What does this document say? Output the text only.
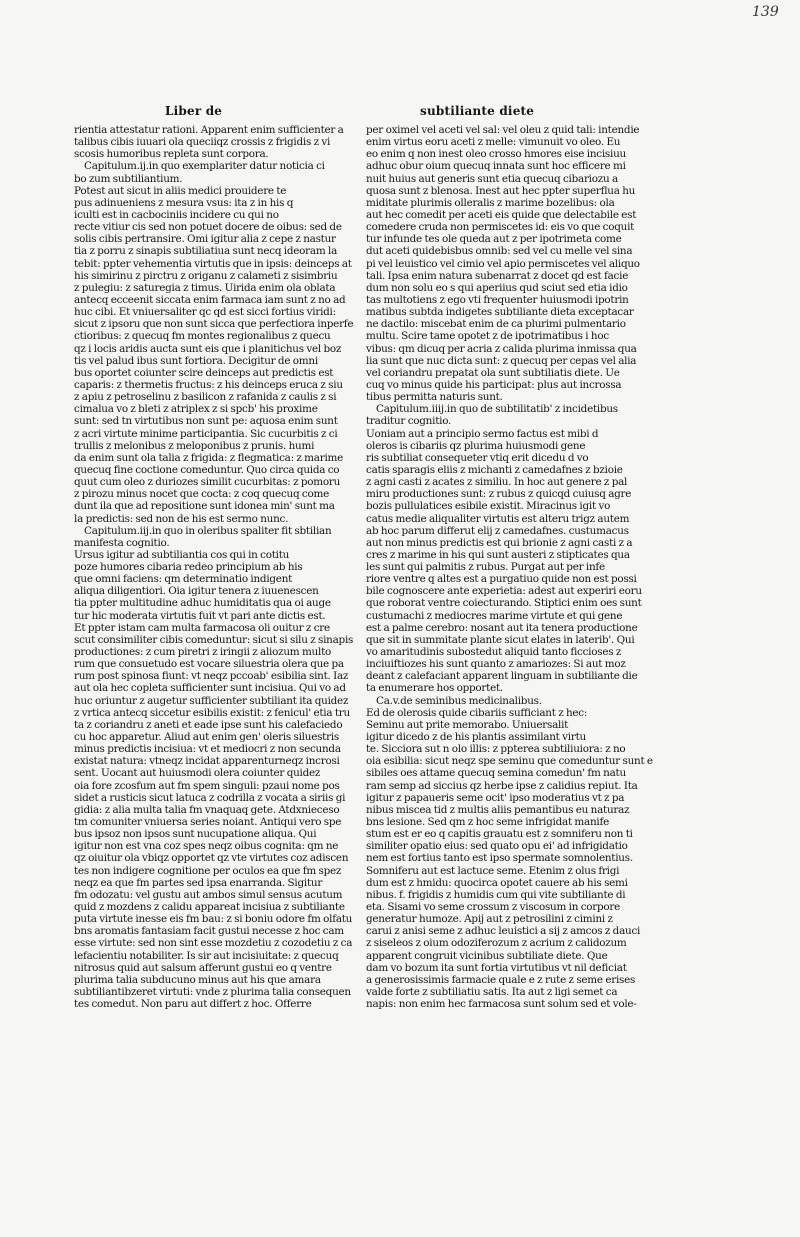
139
Liber de	subtiliante diete
rientia attestatur rationi. Apparent enim sufficienter a
talibus cibis iuuari ola queciiqz crossis z frigidis z vi
scosis humoribus repleta sunt corpora.
Capitulum.ij.in quo exemplariter datur noticia ci
bo zum subtiliantium.
Potest aut sicut in aliis medici prouidere te
pus adinueniens z mesura vsus: ita z in his q
iculti est in cacbociniis incidere cu qui no
recte vitiur cis sed non potuet docere de oibus: sed de
solis cibis pertransire. Omi igitur alia z cepe z nastur
tia z porru z sinapis subtiliatiua sunt necq ideoram la
tebit: ppter vehementia virtutis que in ipsis: deinceps at
his simirinu z pirctru z origanu z calameti z sisimbriu
z pulegiu: z saturegia z timus. Uirida enim ola oblata
antecq ecceenit siccata enim farmaca iam sunt z no ad
huc cibi. Et vniuersaliter qc qd est sicci fortius viridi:
sicut z ipsoru que non sunt sicca que perfectiora inperfe
ctioribus: z quecuq fm montes regionalibus z quecu
qz i locis aridis aucta sunt eis que i planitichus vel boz
tis vel palud ibus sunt fortiora. Decigitur de omni
bus oportet coiunter scire deinceps aut predictis est
caparis: z thermetis fructus: z his deinceps eruca z siu
z apiu z petroselinu z basilicon z rafanida z caulis z si
cimalua vo z bleti z atriplex z si spcb' his proxime
sunt: sed tn virtutibus non sunt pe: aquosa enim sunt
z acri virtute minime participantia. Sic cucurbitis z ci
trullis z melonibus z meloponibus z prunis. humi
da enim sunt ola talia z frigida: z flegmatica: z marime
quecuq fine coctione comeduntur. Quo circa quida co
quut cum oleo z duriozes similit cucurbitas: z pomoru
z pirozu minus nocet que cocta: z coq quecuq come
dunt ila que ad repositione sunt idonea min' sunt ma
la predictis: sed non de his est sermo nunc.
Capitulum.iij.in quo in oleribus spaliter fit sbtilian
manifesta cognitio.
Ursus igitur ad subtiliantia cos qui in cotitu
poze humores cibaria redeo principium ab his
que omni faciens: qm determinatio indigent
aliqua diligentiori. Oia igitur tenera z iuuenescen
tia ppter multitudine adhuc humiditatis qua oi auge
tur hic moderata virtutis fuit vt pari ante dictis est.
Et ppter istam cam multa farmacosa oli ouitur z cre
scut consimiliter cibis comeduntur: sicut si silu z sinapis
productiones: z cum piretri z iringii z aliozum multo
rum que consuetudo est vocare siluestria olera que pa
rum post spinosa fiunt: vt neqz pccoab' esibilia sint. Iaz
aut ola hec copleta sufficienter sunt incisiua. Qui vo ad
huc oriuntur z augetur sufficienter subtiliant ita quidez
z vrtica antecq siccetur esibilis existit: z fenicul' etia tru
ta z coriandru z aneti et eade ipse sunt his calefaciedo
cu hoc apparetur. Aliud aut enim gen' oleris siluestris
minus predictis incisiua: vt et mediocri z non secunda
existat natura: vtneqz incidat apparenturneqz incrosi
sent. Uocant aut huiusmodi olera coiunter quidez
oia fore zcosfum aut fm spem singuli: pzaui nome pos
sidet a rusticis sicut latuca z codrilla z vocata a siriis gi
gidia: z alia multa talia fm vnaquaq gete. Atdxnieceso
tm comuniter vniuersa series noiant. Antiqui vero spe
bus ipsoz non ipsos sunt nucupatione aliqua. Qui
igitur non est vna coz spes neqz oibus cognita: qm ne
qz oiuitur ola vbiqz opportet qz vte virtutes coz adiscen
tes non indigere cognitione per oculos ea que fm spez
neqz ea que fm partes sed ipsa enarranda. Sigitur
fm odozatu: vel gustu aut ambos simul sensus acutum
quid z mozdens z calidu appareat incisiua z subtiliante
puta virtute inesse eis fm bau: z si boniu odore fm olfatu
bns aromatis fantasiam facit gustui necesse z hoc cam
esse virtute: sed non sint esse mozdetiu z cozodetiu z ca
lefacientiu notabiliter. Is sir aut incisiuitate: z quecuq
nitrosus quid aut salsum afferunt gustui eo q ventre
plurima talia subducuno minus aut his que amara
subtiliantibzeret virtuti: vnde z plurima talia consequen
tes comedut. Non paru aut differt z hoc. Offerre
per oximel vel aceti vel sal: vel oleu z quid tali: intendie
enim virtus eoru aceti z melle: vimunuit vo oleo. Eu
eo enim q non inest oleo crosso hmores eise incisiuu
adhuc obur oium quecuq innata sunt hoc efficere mi
nuit huius aut generis sunt etia quecuq cibariozu a
quosa sunt z blenosa. Inest aut hec ppter superflua hu
miditate plurimis olleralis z marime bozelibus: ola
aut hec comedit per aceti eis quide que delectabile est
comedere cruda non permiscetes id: eis vo que coquit
tur infunde tes ole queda aut z per ipotrimeta come
dut aceti quidebisbus omnib: sed vel cu melle vel sina
pi vel leuistico vel cimio vel apio permiscetes vel aliquo
tali. Ipsa enim natura subenarrat z docet qd est facie
dum non solu eo s qui aperiius qud sciut sed etia idio
tas multotiens z ego vti frequenter huiusmodi ipotrin
matibus subtda indigetes subtiliante dieta exceptacar
ne dactilo: miscebat enim de ca plurimi pulmentario
multu. Scire tame opotet z de ipotrimatibus i hoc
vibus: qm dicuq per acria z calida plurima inmissa qua
lia sunt que nuc dicta sunt: z quecuq per cepas vel alia
vel coriandru prepatat ola sunt subtiliatis diete. Ue
cuq vo minus quide his participat: plus aut incrossa
tibus permitta naturis sunt.
Capitulum.iiij.in quo de subtilitatib' z incidetibus
traditur cognitio.
Uoniam aut a principio sermo factus est mibi d
oleros is cibariis qz plurima huiusmodi gene
ris subtiliat consequeter vtiq erit dicedu d vo
catis sparagis eliis z michanti z camedafnes z bzioie
z agni casti z acates z similiu. In hoc aut genere z pal
miru productiones sunt: z rubus z quicqd cuiusq agre
bozis pullulatices esibile existit. Miracinus igit vo
catus medie aliqualiter virtutis est alteru trigz autem
ab hoc parum differut elij z camedafnes. custumacus
aut non minus predictis est qui brionie z agni casti z a
cres z marime in his qui sunt austeri z stipticates qua
les sunt qui palmitis z rubus. Purgat aut per infe
riore ventre q altes est a purgatiuo quide non est possi
bile cognoscere ante experietia: adest aut experiri eoru
que roborat ventre coiecturando. Stiptici enim oes sunt
custumachi z mediocres marime virtute et qui gene
est a palme cerebro: nosant aut ita tenera productione
que sit in summitate plante sicut elates in laterib'. Qui
vo amaritudinis subostedut aliquid tanto ficcioses z
inciuiftiozes his sunt quanto z amariozes: Si aut moz
deant z calefaciant apparent linguam in subtiliante die
ta enumerare hos opportet.
Ca.v.de seminibus medicinalibus.
Ed de olerosis quide cibariis sufficiant z hec:
Seminu aut prite memorabo. Uniuersalit
igitur dicedo z de his plantis assimilant virtu
te. Sicciora sut n olo illis: z ppterea subtiliuiora: z no
oia esibilia: sicut neqz spe seminu que comeduntur sunt e
sibiles oes attame quecuq semina comedun' fm natu
ram semp ad siccius qz herbe ipse z calidius repiut. Ita
igitur z papaueris seme ocit' ipso moderatius vt z pa
nibus miscea tid z multis aliis pemantibus eu naturaz
bns lesione. Sed qm z hoc seme infrigidat manife
stum est er eo q capitis grauatu est z somniferu non ti
similiter opatio eius: sed quato opu ei' ad infrigidatio
nem est fortius tanto est ipso spermate somnolentius.
Somniferu aut est lactuce seme. Etenim z olus frigi
dum est z hmidu: quocirca opotet cauere ab his semi
nibus. f. frigidis z humidis cum qui vite subtiliante di
eta. Sisami vo seme crossum z viscosum in corpore
generatur humoze. Apij aut z petrosilini z cimini z
carui z anisi seme z adhuc leuistici a sij z amcos z dauci
z siseleos z oium odoziferozum z acrium z calidozum
apparent congruit vicinibus subtiliate diete. Que
dam vo bozum ita sunt fortia virtutibus vt nil deficiat
a generosissimis farmacie quale e z rute z seme erises
valde forte z subtiliatiu satis. Ita aut z ligi semet ca
napis: non enim hec farmacosa sunt solum sed et vole-
